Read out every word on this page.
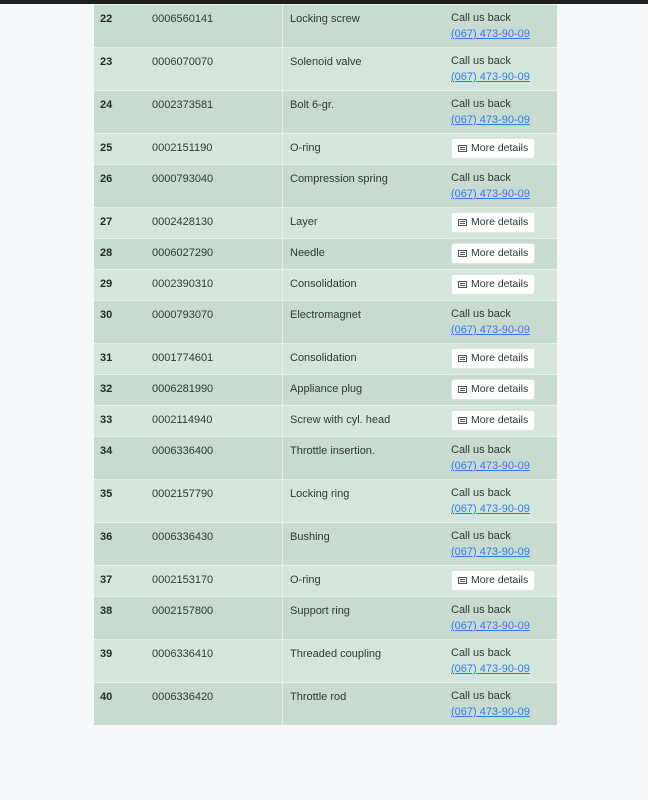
22	0006560141	Locking screw	Call us back
(067) 473-90-09

23	0006070070	Solenoid valve	Call us back
(067) 473-90-09

24	0002373581	Bolt 6-gr.	Call us back
(067) 473-90-09

25	0002151190	O-ring	More details

26	0000793040	Compression spring	Call us back
(067) 473-90-09

27	0002428130	Layer	More details

28	0006027290	Needle	More details

29	0002390310	Consolidation	More details

30	0000793070	Electromagnet	Call us back
(067) 473-90-09

31	0001774601	Consolidation	More details

32	0006281990	Appliance plug	More details

33	0002114940	Screw with cyl. head	More details

34	0006336400	Throttle insertion.	Call us back
(067) 473-90-09

35	0002157790	Locking ring	Call us back
(067) 473-90-09

36	0006336430	Bushing	Call us back
(067) 473-90-09

37	0002153170	O-ring	More details

38	0002157800	Support ring	Call us back
(067) 473-90-09

39	0006336410	Threaded coupling	Call us back
(067) 473-90-09

40	0006336420	Throttle rod	Call us back
(067) 473-90-09
